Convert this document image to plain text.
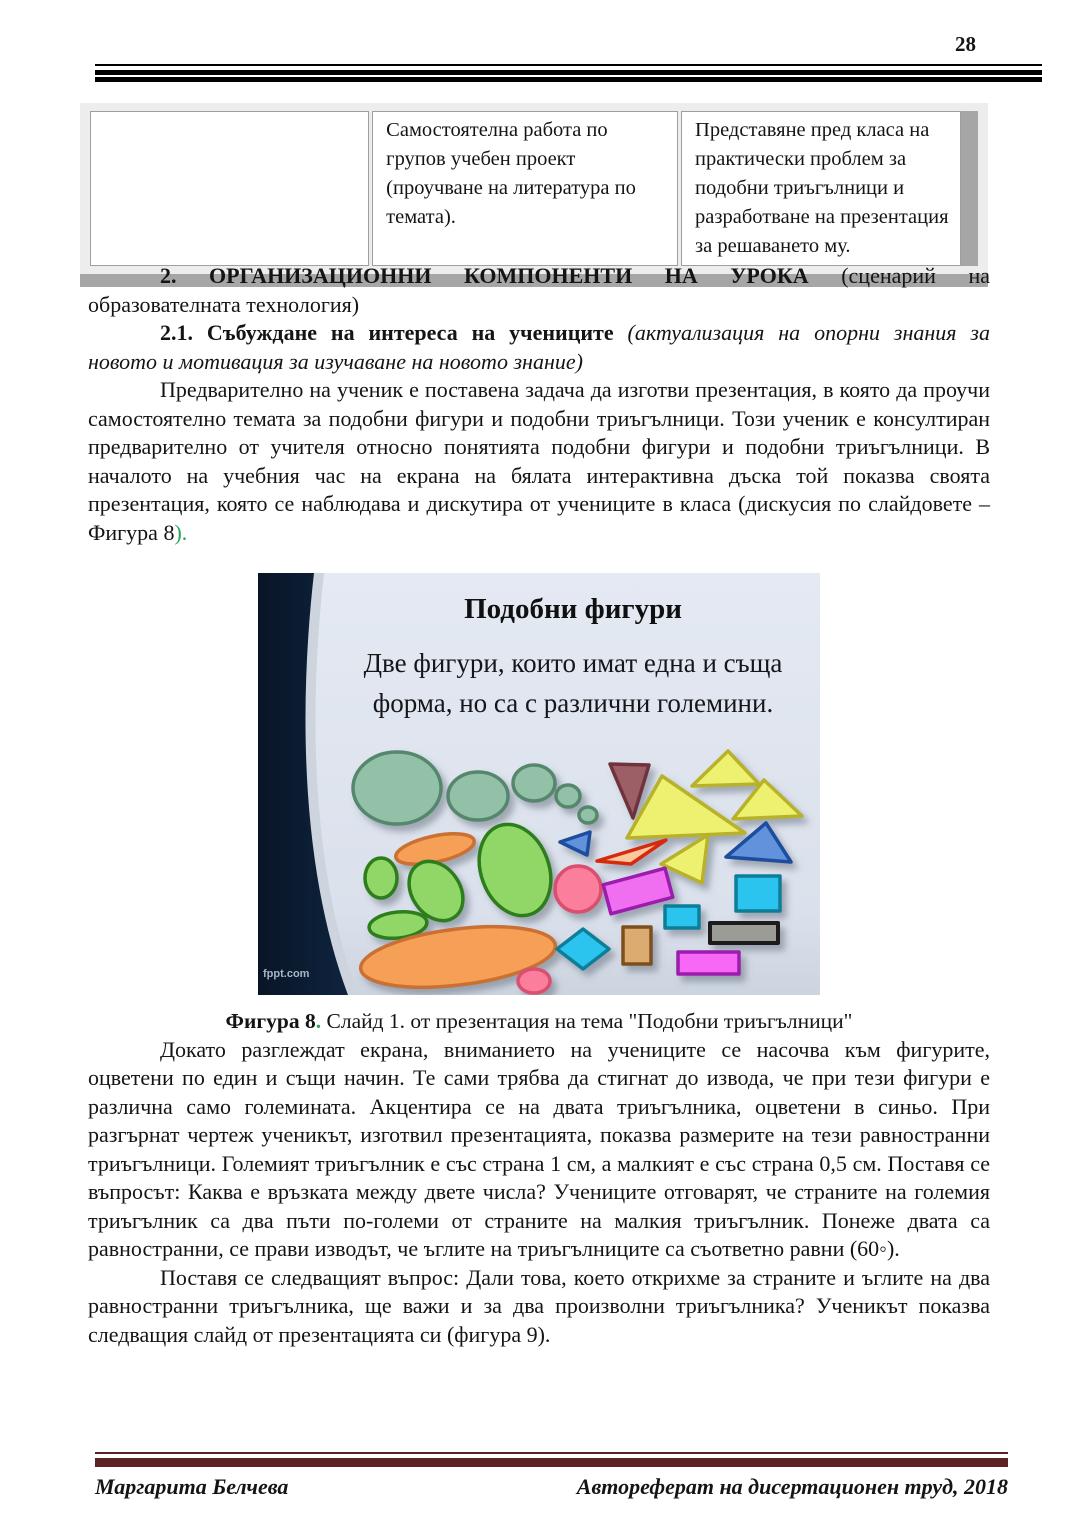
28
Самостоятелна работа по групов учебен проект (проучване на литература по темата).
Представяне пред класа на практически проблем за подобни триъгълници и разработване на презентация за решаването му.
2. ОРГАНИЗАЦИОННИ КОМПОНЕНТИ НА УРОКА (сценарий на
образователната технология)
2.1. Събуждане на интереса на учениците (актуализация на опорни знания за
новото и мотивация за изучаване на новото знание)

Предварително на ученик е поставена задача да изготви презентация, в която да проучи самостоятелно темата за подобни фигури и подобни триъгълници. Този ученик е консултиран предварително от учителя относно понятията подобни фигури и подобни триъгълници. В началото на учебния час на екрана на бялата интерактивна дъска той показва своята презентация, която се наблюдава и дискутира от учениците в класа (дискусия по слайдовете – Фигура 8).

Подобни фигури
Две фигури, които имат една и съща
форма, но са с различни големини.
fppt.com
Фигура 8. Слайд 1. от презентация на тема "Подобни триъгълници"

Докато разглеждат екрана, вниманието на учениците се насочва към фигурите, оцветени по един и същи начин. Те сами трябва да стигнат до извода, че при тези фигури е различна само големината. Акцентира се на двата триъгълника, оцветени в синьо. При разгърнат чертеж ученикът, изготвил презентацията, показва размерите на тези равностранни триъгълници. Големият триъгълник е със страна 1 см, а малкият е със страна 0,5 см. Поставя се въпросът: Каква е връзката между двете числа? Учениците отговарят, че страните на големия триъгълник са два пъти по-големи от страните на малкия триъгълник. Понеже двата са равностранни, се прави изводът, че ъглите на триъгълниците са съответно равни (60◦).

Поставя се следващият въпрос: Дали това, което открихме за страните и ъглите на два равностранни триъгълника, ще важи и за два произволни триъгълника? Ученикът показва следващия слайд от презентацията си (фигура 9).

Маргарита Белчева	Автореферат на дисертационен труд, 2018
